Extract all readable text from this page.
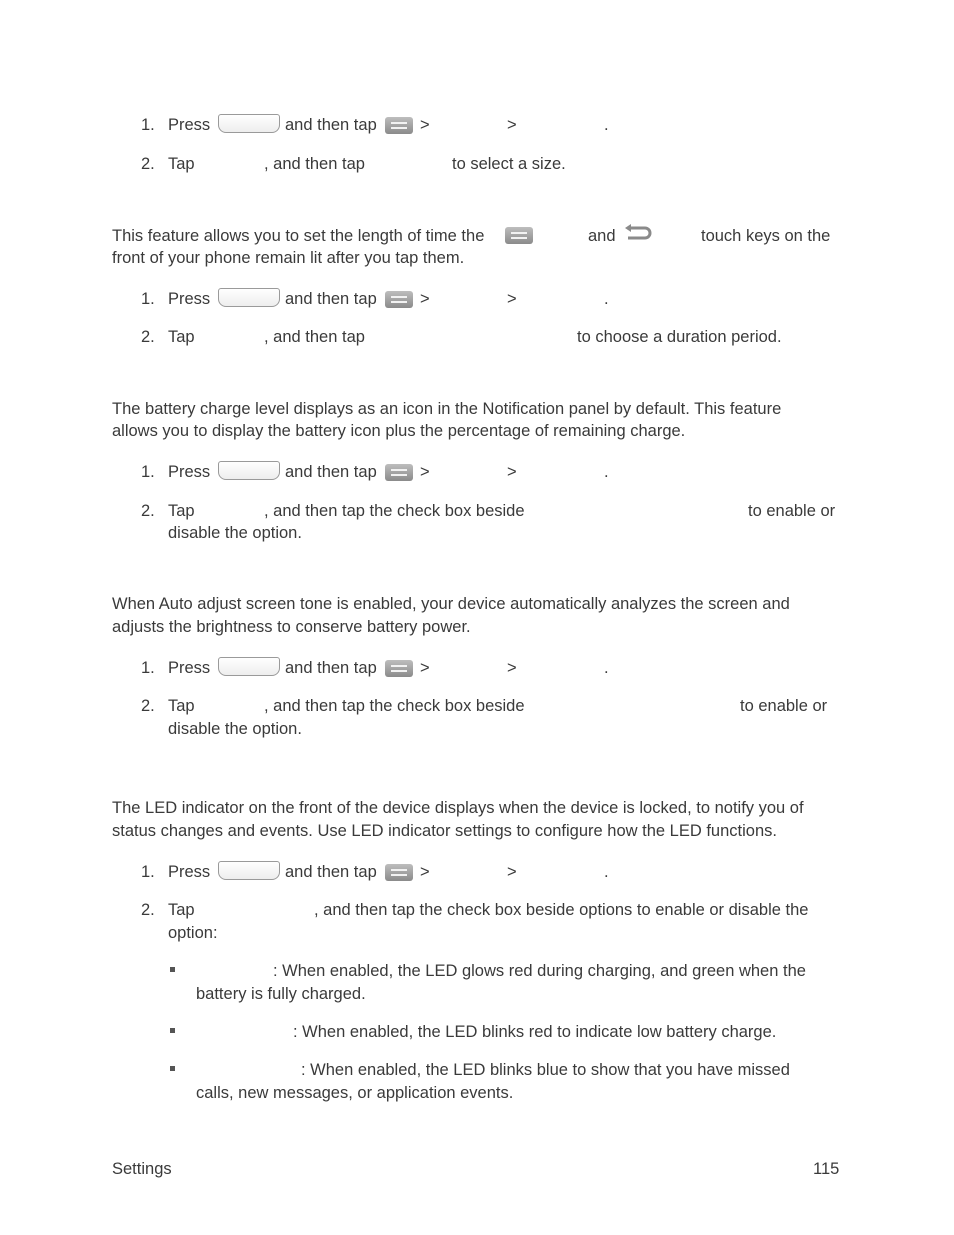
1. Press	and then tap	>	>	.
2. Tap	, and then tap	to select a size.
This feature allows you to set the length of time the	and	touch keys on the
front of your phone remain lit after you tap them.
1. Press	and then tap	>	>	.
2. Tap	, and then tap	to choose a duration period.
The battery charge level displays as an icon in the Notification panel by default. This feature
allows you to display the battery icon plus the percentage of remaining charge.
1. Press	and then tap	>	>	.
2. Tap	, and then tap the check box beside	to enable or
disable the option.
When Auto adjust screen tone is enabled, your device automatically analyzes the screen and
adjusts the brightness to conserve battery power.
1. Press	and then tap	>	>	.
2. Tap	, and then tap the check box beside	to enable or
disable the option.
The LED indicator on the front of the device displays when the device is locked, to notify you of
status changes and events. Use LED indicator settings to configure how the LED functions.
1. Press	and then tap	>	>	.
2. Tap	, and then tap the check box beside options to enable or disable the
option:
: When enabled, the LED glows red during charging, and green when the
battery is fully charged.
: When enabled, the LED blinks red to indicate low battery charge.
: When enabled, the LED blinks blue to show that you have missed
calls, new messages, or application events.
Settings	115
